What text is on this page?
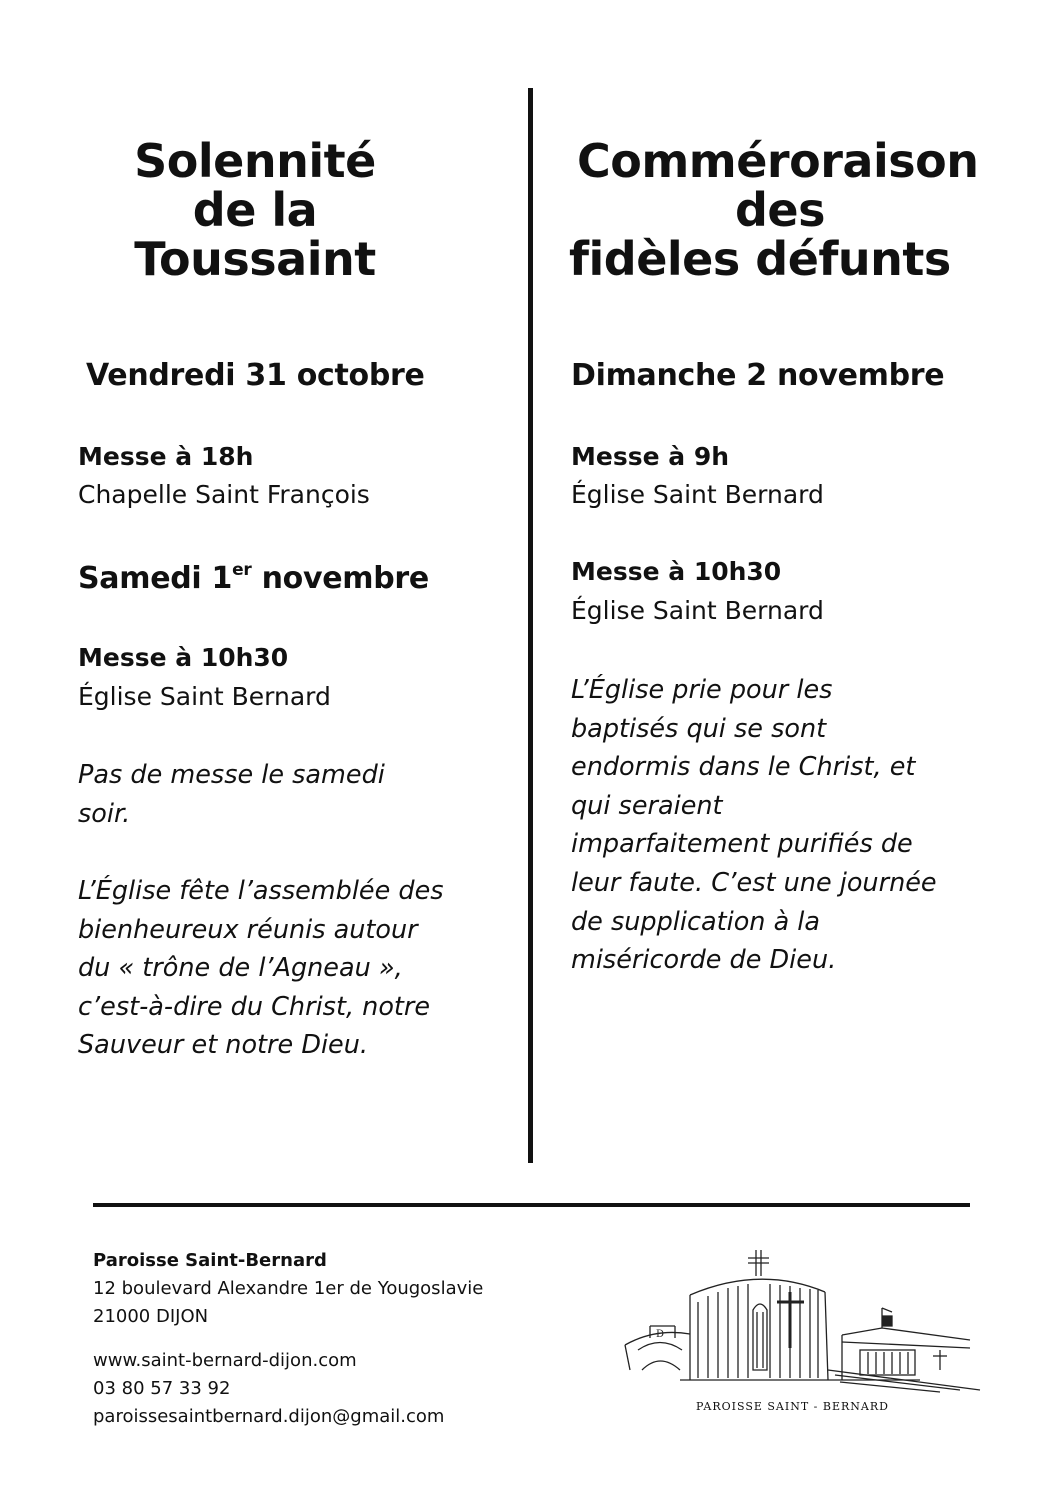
Solennité
de la
Toussaint
Vendredi 31 octobre
Messe à 18h
Chapelle Saint François
Samedi 1er novembre
Messe à 10h30
Église Saint Bernard
Pas de messe le samedi
soir.
L’Église fête l’assemblée des
bienheureux réunis autour
du « trône de l’Agneau »,
c’est-à-dire du Christ, notre
Sauveur et notre Dieu.
Comméroraison
des
fidèles défunts
Dimanche 2 novembre
Messe à 9h
Église Saint Bernard
Messe à 10h30
Église Saint Bernard
L’Église prie pour les
baptisés qui se sont
endormis dans le Christ, et
qui seraient
imparfaitement purifiés de
leur faute. C’est une journée
de supplication à la
miséricorde de Dieu.
Paroisse Saint-Bernard
12 boulevard Alexandre 1er de Yougoslavie
21000 DIJON
www.saint-bernard-dijon.com
03 80 57 33 92
paroissesaintbernard.dijon@gmail.com
D
PAROISSE SAINT - BERNARD
